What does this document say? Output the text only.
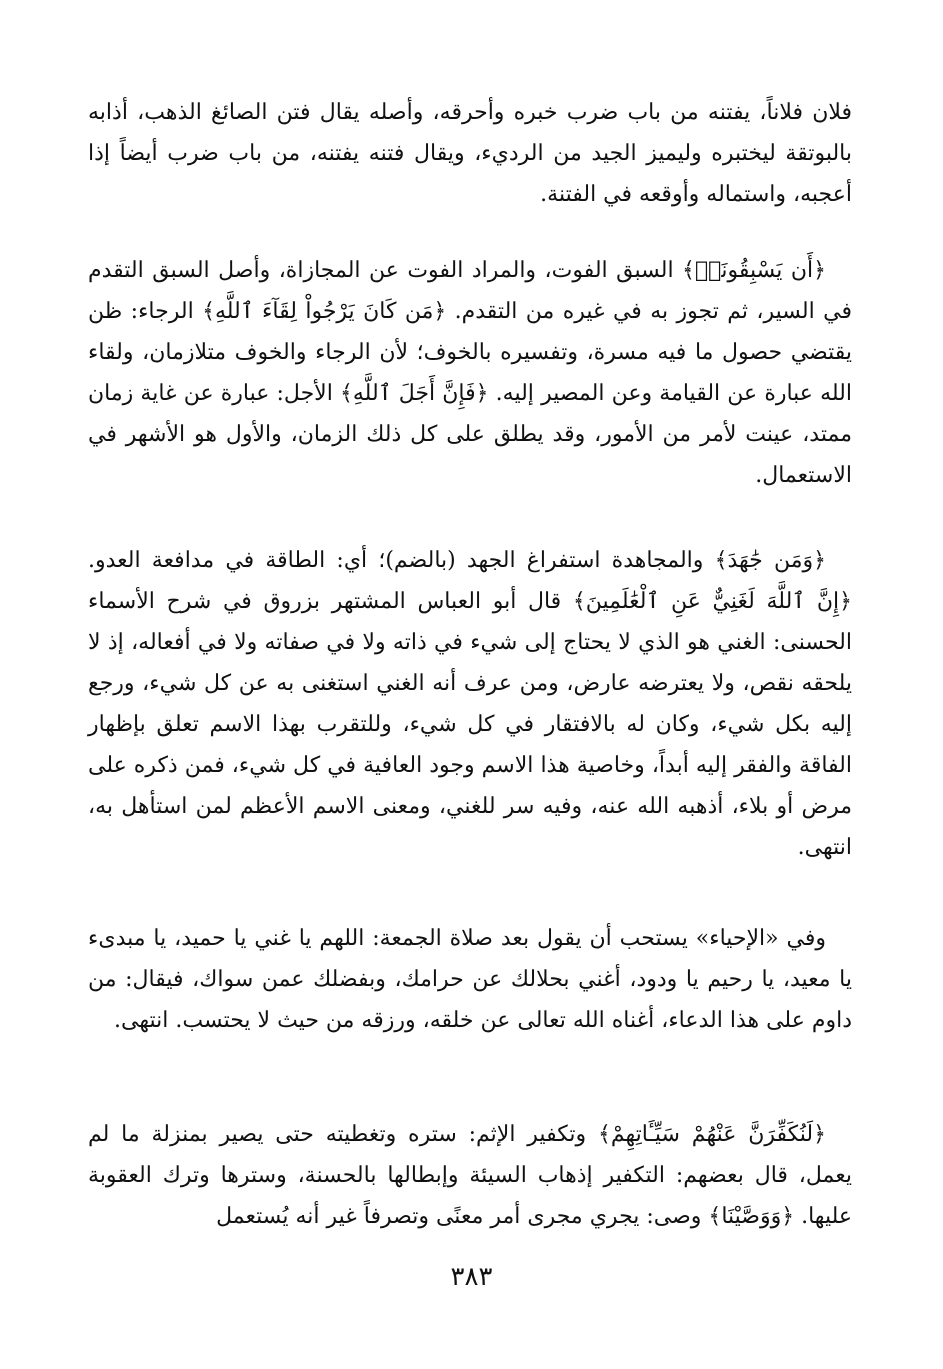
فلان فلاناً، يفتنه من باب ضرب خبره وأحرقه، وأصله يقال فتن الصائغ الذهب، أذابه بالبوتقة ليختبره وليميز الجيد من الرديء، ويقال فتنه يفتنه، من باب ضرب أيضاً إذا أعجبه، واستماله وأوقعه في الفتنة.

﴿أَن يَسْبِقُونَاۚ﴾ السبق الفوت، والمراد الفوت عن المجازاة، وأصل السبق التقدم في السير، ثم تجوز به في غيره من التقدم. ﴿مَن كَانَ يَرْجُواْ لِقَآءَ ٱللَّهِ﴾ الرجاء: ظن يقتضي حصول ما فيه مسرة، وتفسيره بالخوف؛ لأن الرجاء والخوف متلازمان، ولقاء الله عبارة عن القيامة وعن المصير إليه. ﴿فَإِنَّ أَجَلَ ٱللَّهِ﴾ الأجل: عبارة عن غاية زمان ممتد، عينت لأمر من الأمور، وقد يطلق على كل ذلك الزمان، والأول هو الأشهر في الاستعمال.

﴿وَمَن جَٰهَدَ﴾ والمجاهدة استفراغ الجهد (بالضم)؛ أي: الطاقة في مدافعة العدو. ﴿إِنَّ ٱللَّهَ لَغَنِيٌّ عَنِ ٱلْعَٰلَمِينَ﴾ قال أبو العباس المشتهر بزروق في شرح الأسماء الحسنى: الغني هو الذي لا يحتاج إلى شيء في ذاته ولا في صفاته ولا في أفعاله، إذ لا يلحقه نقص، ولا يعترضه عارض، ومن عرف أنه الغني استغنى به عن كل شيء، ورجع إليه بكل شيء، وكان له بالافتقار في كل شيء، وللتقرب بهذا الاسم تعلق بإظهار الفاقة والفقر إليه أبداً، وخاصية هذا الاسم وجود العافية في كل شيء، فمن ذكره على مرض أو بلاء، أذهبه الله عنه، وفيه سر للغني، ومعنى الاسم الأعظم لمن استأهل به، انتهى.

وفي «الإحياء» يستحب أن يقول بعد صلاة الجمعة: اللهم يا غني يا حميد، يا مبدىء يا معيد، يا رحيم يا ودود، أغني بحلالك عن حرامك، وبفضلك عمن سواك، فيقال: من داوم على هذا الدعاء، أغناه الله تعالى عن خلقه، ورزقه من حيث لا يحتسب. انتهى.

﴿لَنُكَفِّرَنَّ عَنْهُمْ سَيِّـَٔاتِهِمْ﴾ وتكفير الإثم: ستره وتغطيته حتى يصير بمنزلة ما لم يعمل، قال بعضهم: التكفير إذهاب السيئة وإبطالها بالحسنة، وسترها وترك العقوبة عليها. ﴿وَوَصَّيْنَا﴾ وصى: يجري مجرى أمر معنًى وتصرفاً غير أنه يُستعمل

٣٨٣
